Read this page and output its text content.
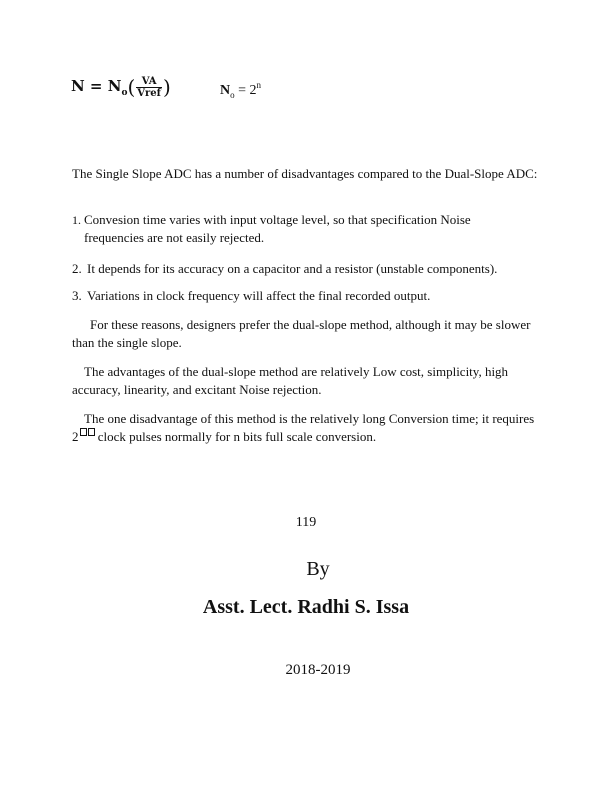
$N = N_o( \frac{VA}{\text{Vref}}$ )	$N_o = 2^n$
The Single Slope ADC has a number of disadvantages compared to the Dual-Slope ADC:
1. Convesion time varies with input voltage level, so that specification Noise frequencies are not easily rejected.
2. It depends for its accuracy on a capacitor and a resistor (unstable components).
3. Variations in clock frequency will affect the final recorded output.
For these reasons, designers prefer the dual-slope method, although it may be slower than the single slope.
The advantages of the dual-slope method are relatively Low cost, simplicity, high accuracy, linearity, and excitant Noise rejection.
The one disadvantage of this method is the relatively long Conversion time; it requires 2 clock pulses normally for n bits full scale conversion.
119
By
Asst. Lect. Radhi S. Issa
2018-2019
